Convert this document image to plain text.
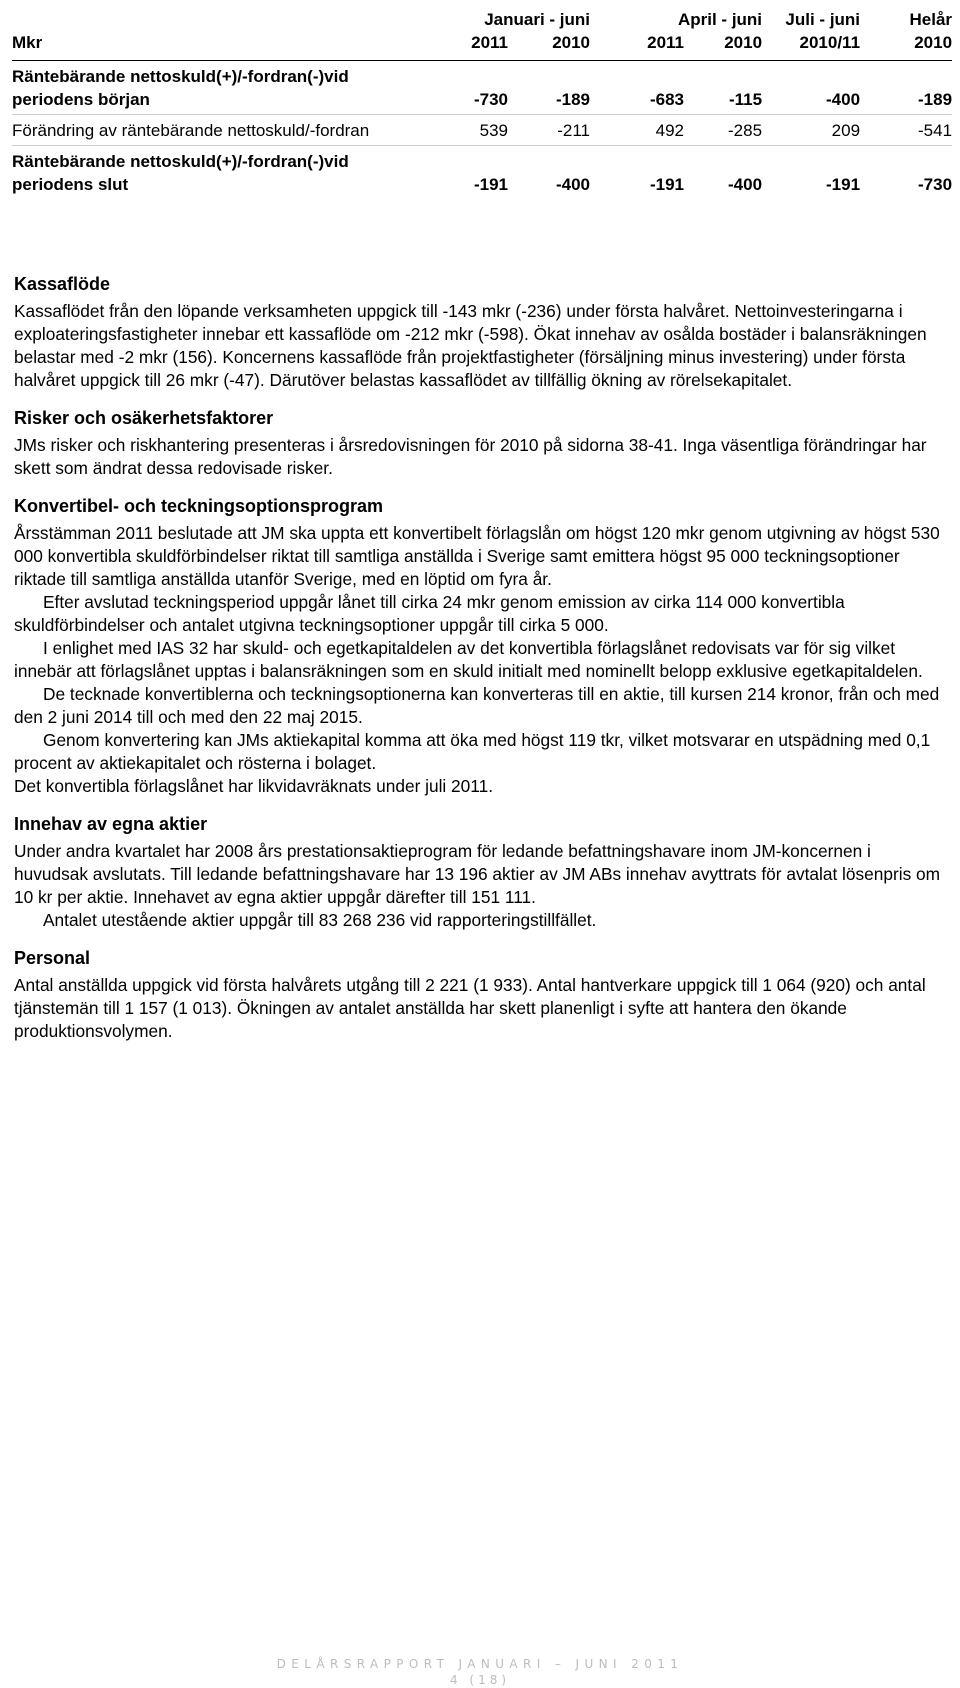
	Januari - juni		April - juni		Juli - juni	Helår
Mkr	2011	2010	2011	2010	2010/11	2010
Räntebärande nettoskuld(+)/-fordran(-)vid
periodens början	-730	-189	-683	-115	-400	-189
Förändring av räntebärande nettoskuld/-fordran	539	-211	492	-285	209	-541
Räntebärande nettoskuld(+)/-fordran(-)vid
periodens slut	-191	-400	-191	-400	-191	-730
Kassaflöde

Kassaflödet från den löpande verksamheten uppgick till -143 mkr (-236) under första halvåret. Nettoinvesteringarna i exploateringsfastigheter innebar ett kassaflöde om -212 mkr (-598). Ökat innehav av osålda bostäder i balansräkningen belastar med -2 mkr (156). Koncernens kassaflöde från projektfastigheter (försäljning minus investering) under första halvåret uppgick till 26 mkr (-47). Därutöver belastas kassaflödet av tillfällig ökning av rörelsekapitalet.

Risker och osäkerhetsfaktorer

JMs risker och riskhantering presenteras i årsredovisningen för 2010 på sidorna 38-41. Inga väsentliga förändringar har skett som ändrat dessa redovisade risker.

Konvertibel- och teckningsoptionsprogram

Årsstämman 2011 beslutade att JM ska uppta ett konvertibelt förlagslån om högst 120 mkr genom utgivning av högst 530 000 konvertibla skuldförbindelser riktat till samtliga anställda i Sverige samt emittera högst 95 000 teckningsoptioner riktade till samtliga anställda utanför Sverige, med en löptid om fyra år.

Efter avslutad teckningsperiod uppgår lånet till cirka 24 mkr genom emission av cirka 114 000 konvertibla skuldförbindelser och antalet utgivna teckningsoptioner uppgår till cirka 5 000.

I enlighet med IAS 32 har skuld- och egetkapitaldelen av det konvertibla förlagslånet redovisats var för sig vilket innebär att förlagslånet upptas i balansräkningen som en skuld initialt med nominellt belopp exklusive egetkapitaldelen.

De tecknade konvertiblerna och teckningsoptionerna kan konverteras till en aktie, till kursen 214 kronor, från och med den 2 juni 2014 till och med den 22 maj 2015.

Genom konvertering kan JMs aktiekapital komma att öka med högst 119 tkr, vilket motsvarar en utspädning med 0,1 procent av aktiekapitalet och rösterna i bolaget.

Det konvertibla förlagslånet har likvidavräknats under juli 2011.

Innehav av egna aktier

Under andra kvartalet har 2008 års prestationsaktieprogram för ledande befattningshavare inom JM-koncernen i huvudsak avslutats. Till ledande befattningshavare har 13 196 aktier av JM ABs innehav avyttrats för avtalat lösenpris om 10 kr per aktie. Innehavet av egna aktier uppgår därefter till 151 111.

Antalet utestående aktier uppgår till 83 268 236 vid rapporteringstillfället.

Personal

Antal anställda uppgick vid första halvårets utgång till 2 221 (1 933). Antal hantverkare uppgick till 1 064 (920) och antal tjänstemän till 1 157 (1 013). Ökningen av antalet anställda har skett planenligt i syfte att hantera den ökande produktionsvolymen.

DELÅRSRAPPORT JANUARI – JUNI 2011
4 (18)
